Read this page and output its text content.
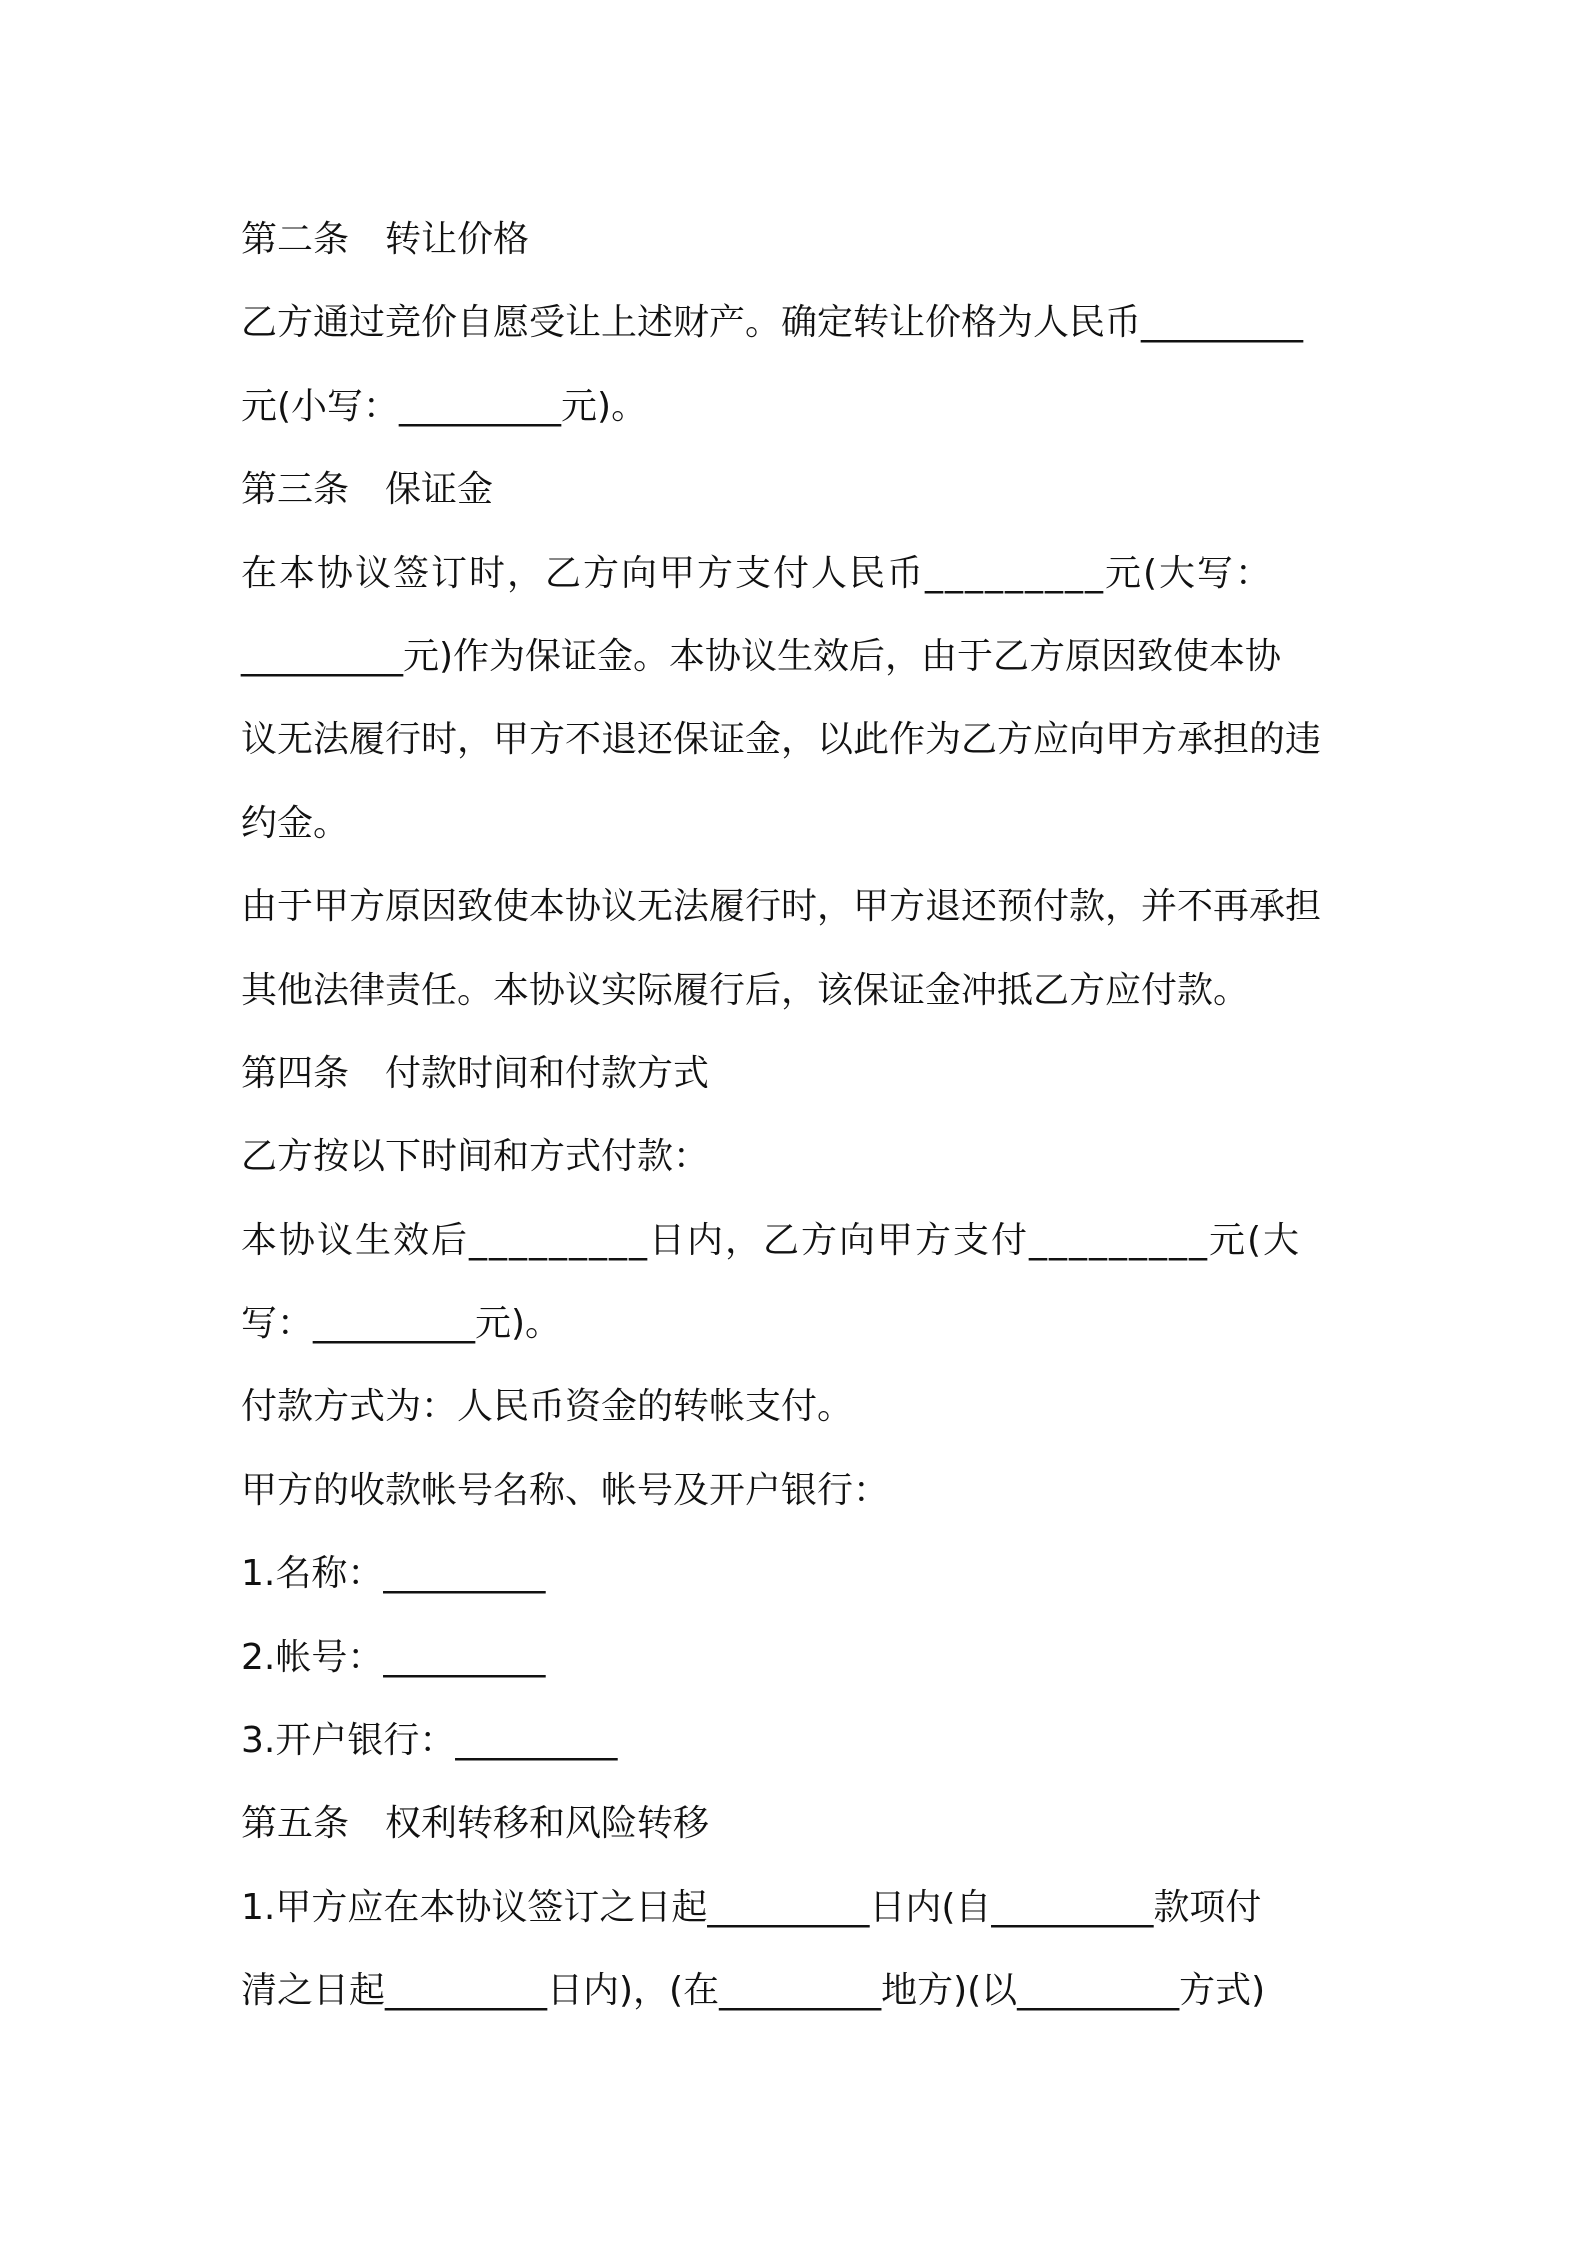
第二条　转让价格
乙方通过竞价自愿受让上述财产。确定转让价格为人民币_________
元(小写：_________元)。
第三条　保证金
在本协议签订时，乙方向甲方支付人民币_________元(大写：
_________元)作为保证金。本协议生效后，由于乙方原因致使本协
议无法履行时，甲方不退还保证金，以此作为乙方应向甲方承担的违
约金。
由于甲方原因致使本协议无法履行时，甲方退还预付款，并不再承担
其他法律责任。本协议实际履行后，该保证金冲抵乙方应付款。
第四条　付款时间和付款方式
乙方按以下时间和方式付款：
本协议生效后_________日内，乙方向甲方支付_________元(大
写：_________元)。
付款方式为：人民币资金的转帐支付。
甲方的收款帐号名称、帐号及开户银行：
1.名称：_________
2.帐号：_________
3.开户银行：_________
第五条　权利转移和风险转移
1.甲方应在本协议签订之日起_________日内(自_________款项付
清之日起_________日内)，(在_________地方)(以_________方式)
